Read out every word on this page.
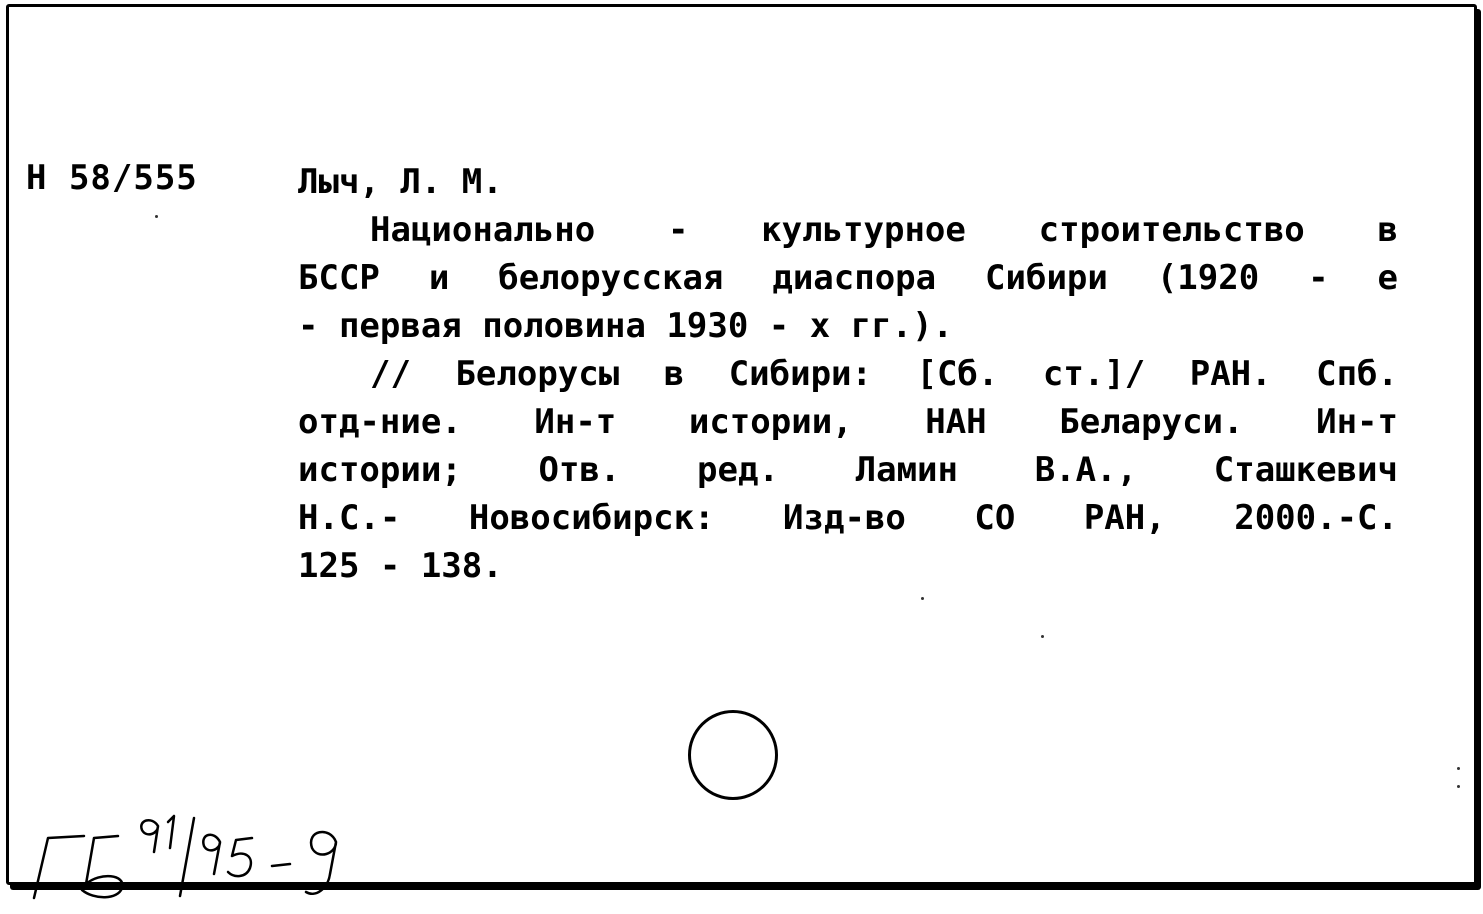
Н 58/555	Лыч, Л. М.
Национально - культурное строительство в
БССР и белорусская диаспора Сибири (1920 - е
- первая половина 1930 - х гг.).
// Белорусы в Сибири: [Сб. ст.]/ РАН. Спб.
отд-ние. Ин-т истории, НАН Беларуси. Ин-т
истории; Отв. ред. Ламин В.А., Сташкевич
Н.С.- Новосибирск: Изд-во СО РАН, 2000.-С.
125 - 138.
